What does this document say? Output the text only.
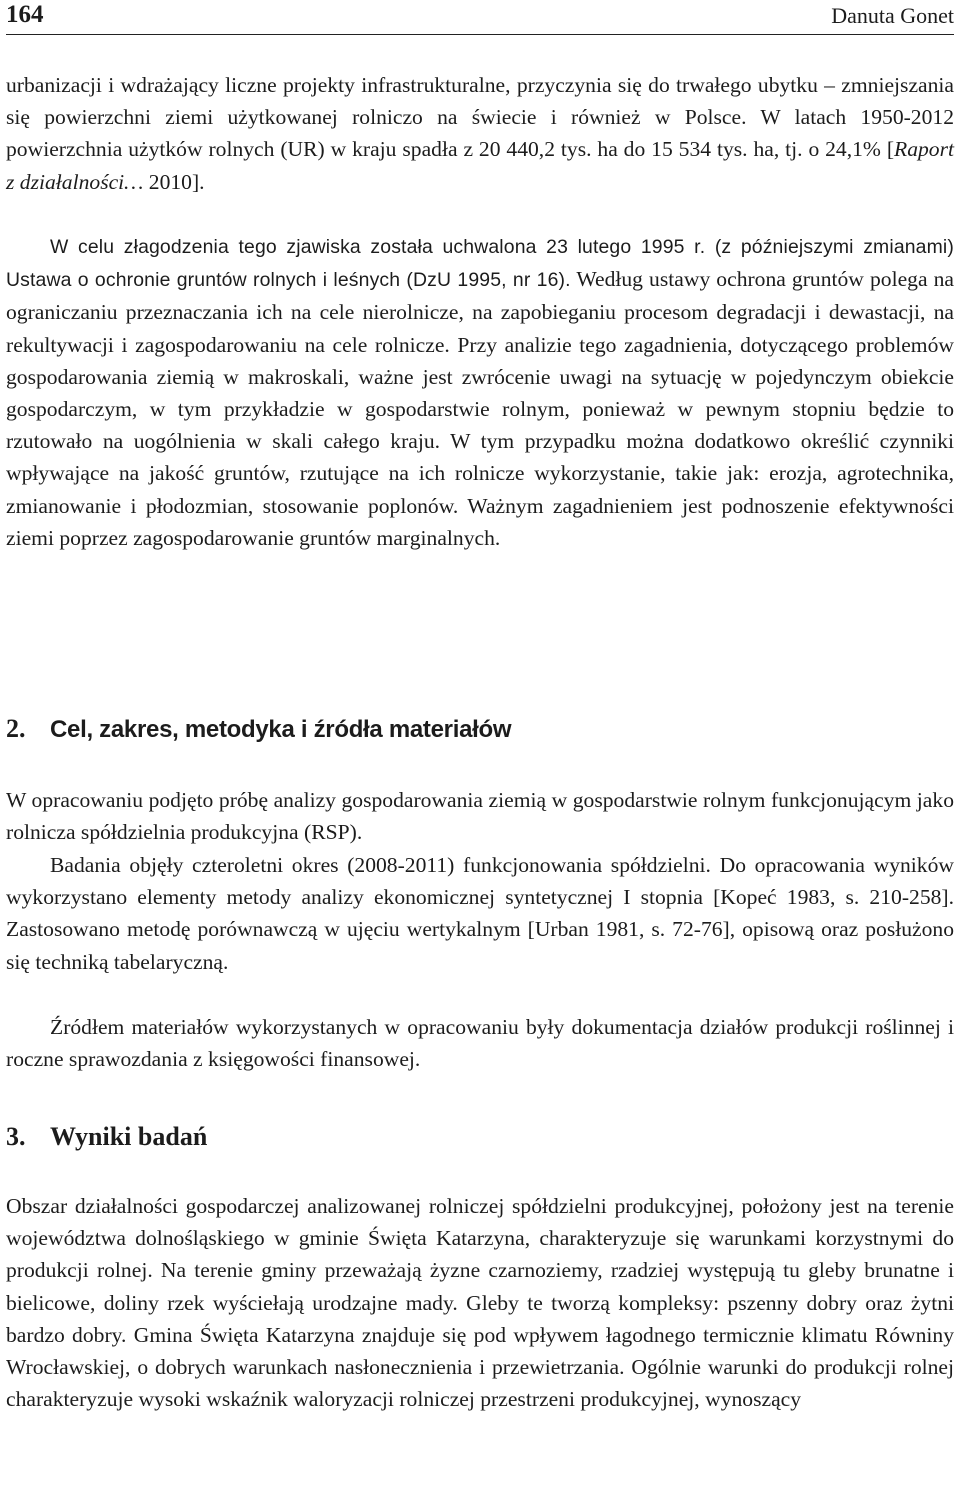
164	Danuta Gonet

urbanizacji i wdrażający liczne projekty infrastrukturalne, przyczynia się do trwałego ubytku – zmniejszania się powierzchni ziemi użytkowanej rolniczo na świecie i również w Polsce. W latach 1950-2012 powierzchnia użytków rolnych (UR) w kraju spadła z 20 440,2 tys. ha do 15 534 tys. ha, tj. o 24,1% [Raport z działalności… 2010].

W celu złagodzenia tego zjawiska została uchwalona 23 lutego 1995 r. (z późniejszymi zmianami) Ustawa o ochronie gruntów rolnych i leśnych (DzU 1995, nr 16). Według ustawy ochrona gruntów polega na ograniczaniu przeznaczania ich na cele nierolnicze, na zapobieganiu procesom degradacji i dewastacji, na rekultywacji i zagospodarowaniu na cele rolnicze. Przy analizie tego zagadnienia, dotyczącego problemów gospodarowania ziemią w makroskali, ważne jest zwrócenie uwagi na sytuację w pojedynczym obiekcie gospodarczym, w tym przykładzie w gospodarstwie rolnym, ponieważ w pewnym stopniu będzie to rzutowało na uogólnienia w skali całego kraju. W tym przypadku można dodatkowo określić czynniki wpływające na jakość gruntów, rzutujące na ich rolnicze wykorzystanie, takie jak: erozja, agrotechnika, zmianowanie i płodozmian, stosowanie poplonów. Ważnym zagadnieniem jest podnoszenie efektywności ziemi poprzez zagospodarowanie gruntów marginalnych.

2. Cel, zakres, metodyka i źródła materiałów

W opracowaniu podjęto próbę analizy gospodarowania ziemią w gospodarstwie rolnym funkcjonującym jako rolnicza spółdzielnia produkcyjna (RSP).

Badania objęły czteroletni okres (2008-2011) funkcjonowania spółdzielni. Do opracowania wyników wykorzystano elementy metody analizy ekonomicznej syntetycznej I stopnia [Kopeć 1983, s. 210-258]. Zastosowano metodę porównawczą w ujęciu wertykalnym [Urban 1981, s. 72-76], opisową oraz posłużono się techniką tabelaryczną.

Źródłem materiałów wykorzystanych w opracowaniu były dokumentacja działów produkcji roślinnej i roczne sprawozdania z księgowości finansowej.

3. Wyniki badań

Obszar działalności gospodarczej analizowanej rolniczej spółdzielni produkcyjnej, położony jest na terenie województwa dolnośląskiego w gminie Święta Katarzyna, charakteryzuje się warunkami korzystnymi do produkcji rolnej. Na terenie gminy przeważają żyzne czarnoziemy, rzadziej występują tu gleby brunatne i bielicowe, doliny rzek wyściełają urodzajne mady. Gleby te tworzą kompleksy: pszenny dobry oraz żytni bardzo dobry. Gmina Święta Katarzyna znajduje się pod wpływem łagodnego termicznie klimatu Równiny Wrocławskiej, o dobrych warunkach nasłonecznienia i przewietrzania. Ogólnie warunki do produkcji rolnej charakteryzuje wysoki wskaźnik waloryzacji rolniczej przestrzeni produkcyjnej, wynoszący
